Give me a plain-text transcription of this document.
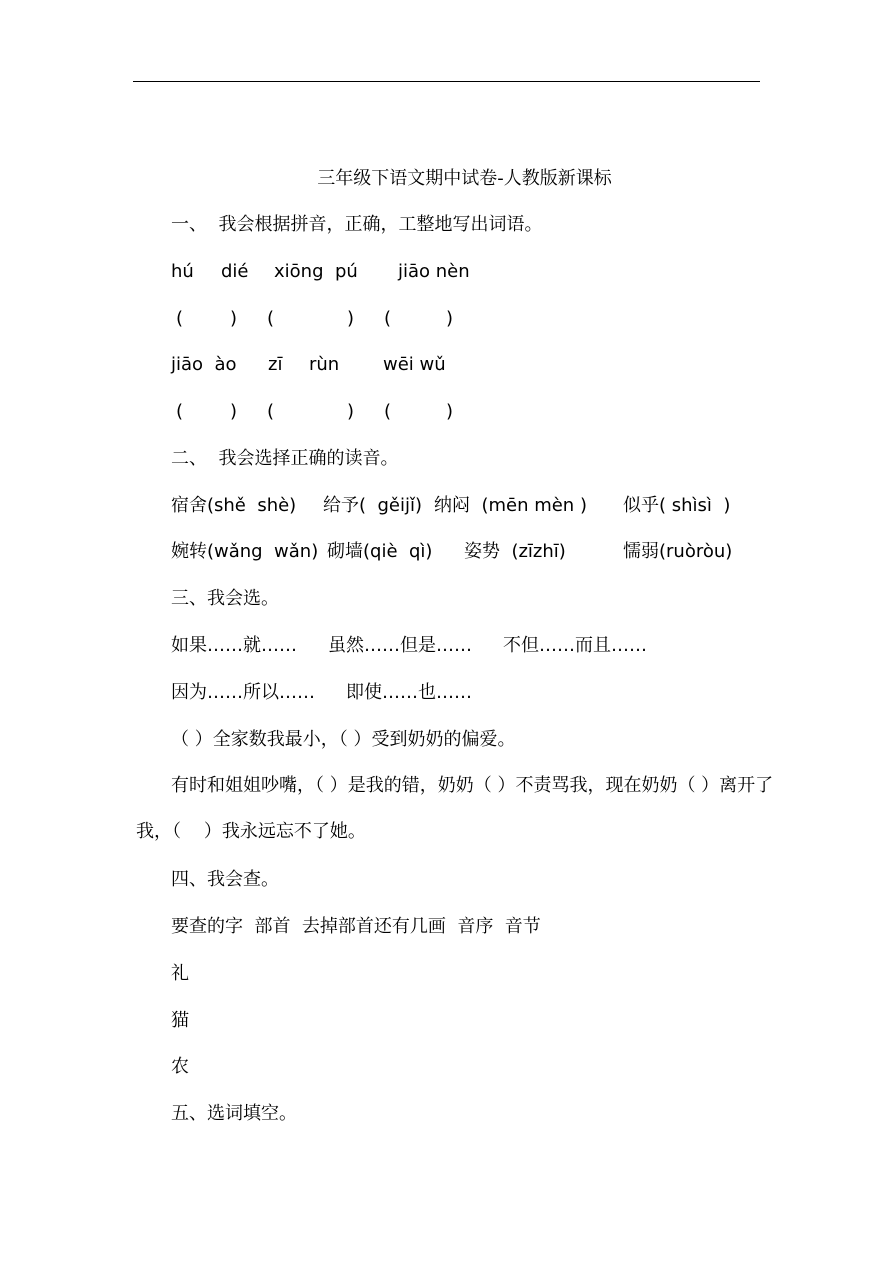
三年级下语文期中试卷-人教版新课标
一、  我会根据拼音，正确，工整地写出词语。
hú dié xiōng  pú jiāo nèn
(	) (	) (	)
jiāo  ào zī rùn wēi wǔ
(	) (	) (	)
二、  我会选择正确的读音。
宿舍(shě  shè) 给予(  gěijǐ) 纳闷  (mēn mèn ) 似乎( shìsì  )
婉转(wǎng  wǎn) 砌墙(qiè  qì) 姿势  (zīzhī)	懦弱(ruòròu)
三、我会选。
如果……就…… 虽然……但是…… 不但……而且……
因为……所以…… 即使……也……
（ ）全家数我最小，（ ）受到奶奶的偏爱。
有时和姐姐吵嘴，（ ）是我的错，奶奶（ ）不责骂我，现在奶奶（ ）离开了
我，（    ）我永远忘不了她。
四、我会查。
要查的字  部首  去掉部首还有几画  音序  音节
礼
猫
农
五、选词填空。
